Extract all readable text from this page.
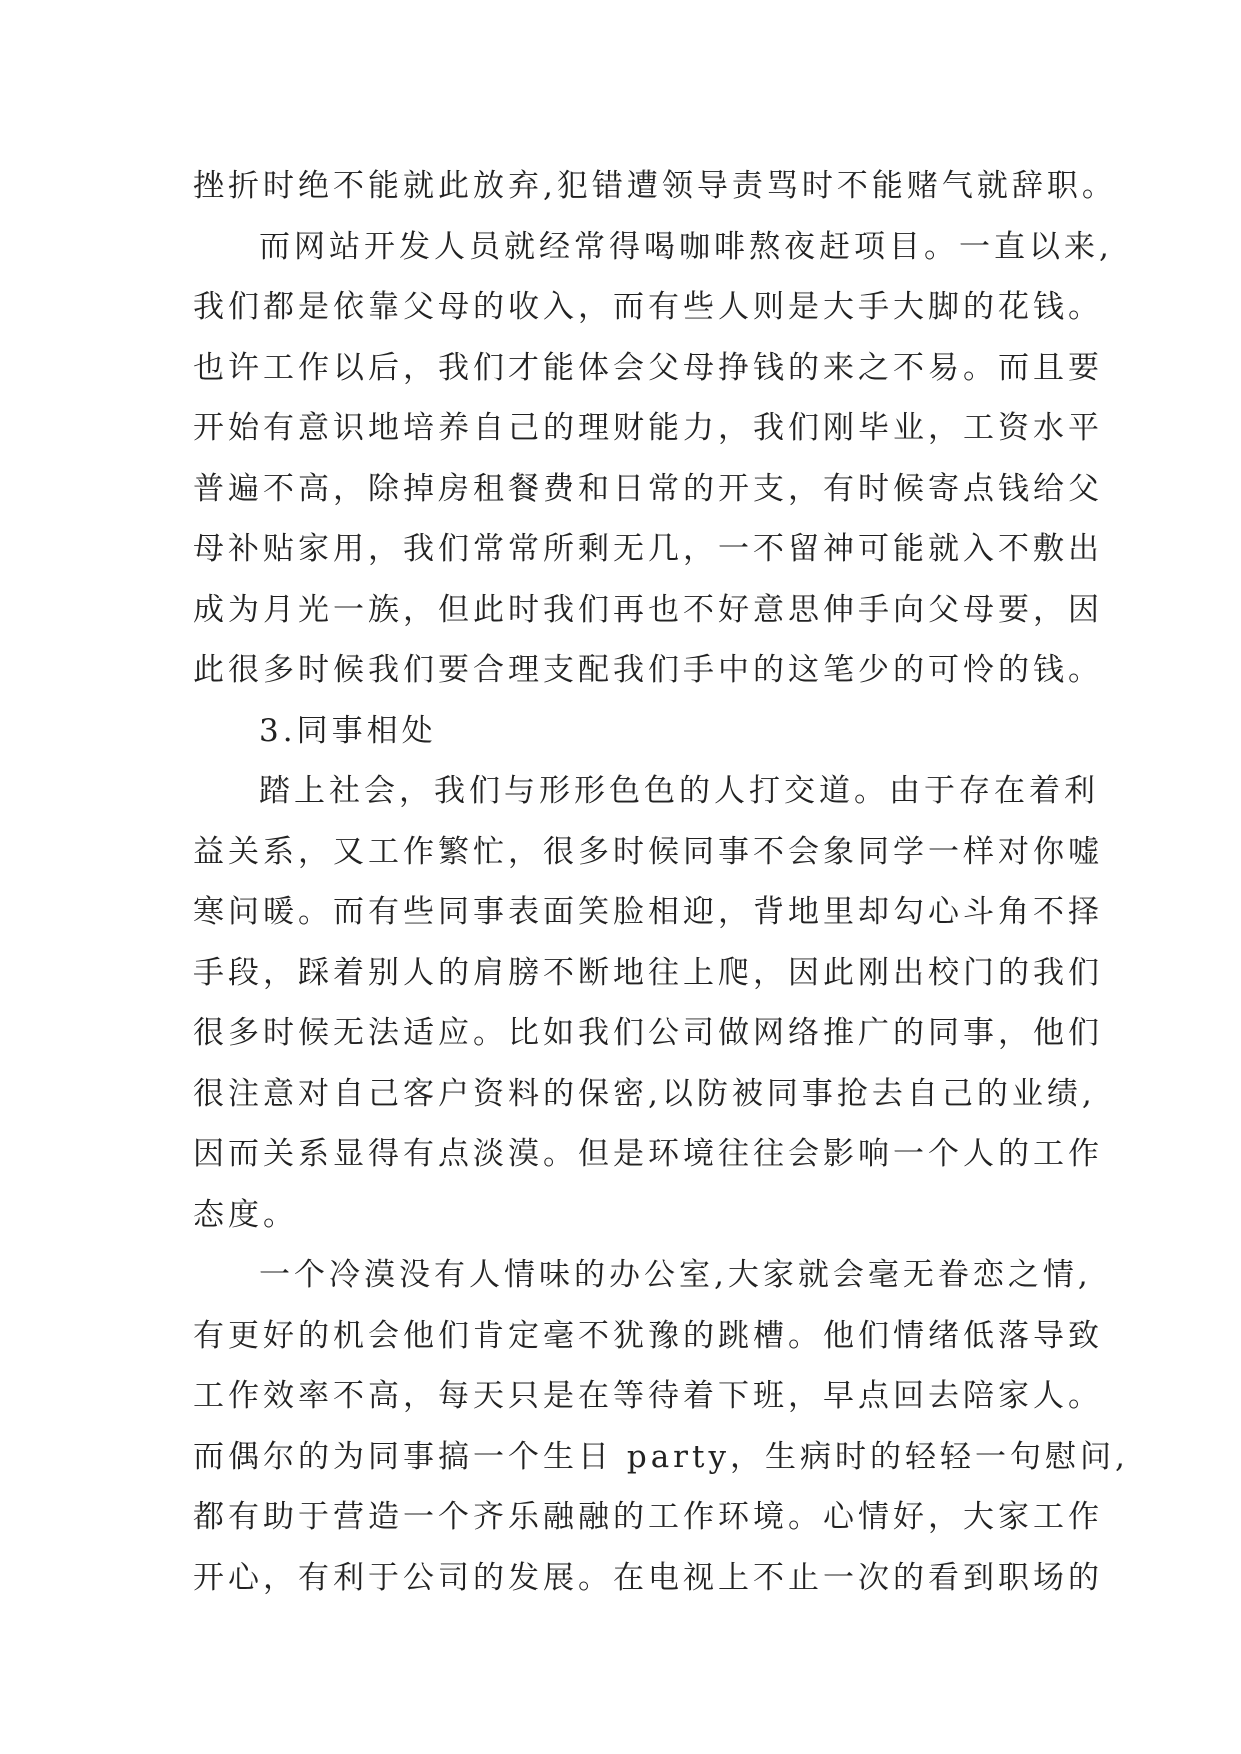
挫折时绝不能就此放弃,犯错遭领导责骂时不能赌气就辞职。
而网站开发人员就经常得喝咖啡熬夜赶项目。一直以来,
我们都是依靠父母的收入，而有些人则是大手大脚的花钱。
也许工作以后，我们才能体会父母挣钱的来之不易。而且要
开始有意识地培养自己的理财能力，我们刚毕业，工资水平
普遍不高，除掉房租餐费和日常的开支，有时候寄点钱给父
母补贴家用，我们常常所剩无几，一不留神可能就入不敷出
成为月光一族，但此时我们再也不好意思伸手向父母要，因
此很多时候我们要合理支配我们手中的这笔少的可怜的钱。
3.同事相处
踏上社会，我们与形形色色的人打交道。由于存在着利
益关系，又工作繁忙，很多时候同事不会象同学一样对你嘘
寒问暖。而有些同事表面笑脸相迎，背地里却勾心斗角不择
手段，踩着别人的肩膀不断地往上爬，因此刚出校门的我们
很多时候无法适应。比如我们公司做网络推广的同事，他们
很注意对自己客户资料的保密,以防被同事抢去自己的业绩,
因而关系显得有点淡漠。但是环境往往会影响一个人的工作
态度。
一个冷漠没有人情味的办公室,大家就会毫无眷恋之情,
有更好的机会他们肯定毫不犹豫的跳槽。他们情绪低落导致
工作效率不高，每天只是在等待着下班，早点回去陪家人。
而偶尔的为同事搞一个生日 party，生病时的轻轻一句慰问,
都有助于营造一个齐乐融融的工作环境。心情好，大家工作
开心，有利于公司的发展。在电视上不止一次的看到职场的
